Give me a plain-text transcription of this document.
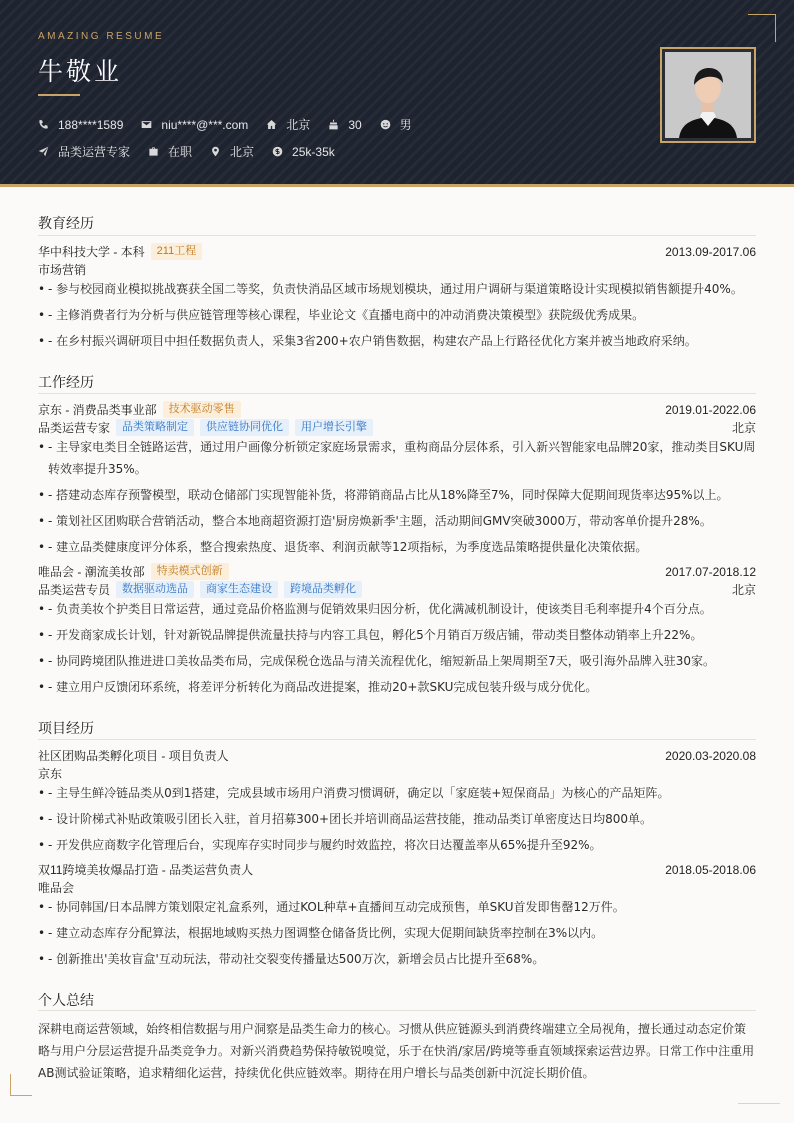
AMAZING RESUME
牛敬业
188****1589	niu****@***.com	北京	30	男
品类运营专家	在职	北京	25k-35k
教育经历
华中科技大学 - 本科	211工程	2013.09-2017.06
市场营销
• - 参与校园商业模拟挑战赛获全国二等奖，负责快消品区域市场规划模块，通过用户调研与渠道策略设计实现模拟销售额提升40%。
• - 主修消费者行为分析与供应链管理等核心课程，毕业论文《直播电商中的冲动消费决策模型》获院级优秀成果。
• - 在乡村振兴调研项目中担任数据负责人，采集3省200+农户销售数据，构建农产品上行路径优化方案并被当地政府采纳。
工作经历
京东 - 消费品类事业部	技术驱动零售	2019.01-2022.06
品类运营专家	品类策略制定	供应链协同优化	用户增长引擎	北京
• - 主导家电类目全链路运营，通过用户画像分析锁定家庭场景需求，重构商品分层体系，引入新兴智能家电品牌20家，推动类目SKU周转效率提升35%。
• - 搭建动态库存预警模型，联动仓储部门实现智能补货，将滞销商品占比从18%降至7%，同时保障大促期间现货率达95%以上。
• - 策划社区团购联合营销活动，整合本地商超资源打造'厨房焕新季'主题，活动期间GMV突破3000万，带动客单价提升28%。
• - 建立品类健康度评分体系，整合搜索热度、退货率、利润贡献等12项指标，为季度选品策略提供量化决策依据。
唯品会 - 潮流美妆部	特卖模式创新	2017.07-2018.12
品类运营专员	数据驱动选品	商家生态建设	跨境品类孵化	北京
• - 负责美妆个护类目日常运营，通过竞品价格监测与促销效果归因分析，优化满减机制设计，使该类目毛利率提升4个百分点。
• - 开发商家成长计划，针对新锐品牌提供流量扶持与内容工具包，孵化5个月销百万级店铺，带动类目整体动销率上升22%。
• - 协同跨境团队推进进口美妆品类布局，完成保税仓选品与清关流程优化，缩短新品上架周期至7天，吸引海外品牌入驻30家。
• - 建立用户反馈闭环系统，将差评分析转化为商品改进提案，推动20+款SKU完成包装升级与成分优化。
项目经历
社区团购品类孵化项目 - 项目负责人	2020.03-2020.08
京东
• - 主导生鲜冷链品类从0到1搭建，完成县域市场用户消费习惯调研，确定以「家庭装+短保商品」为核心的产品矩阵。
• - 设计阶梯式补贴政策吸引团长入驻，首月招募300+团长并培训商品运营技能，推动品类订单密度达日均800单。
• - 开发供应商数字化管理后台，实现库存实时同步与履约时效监控，将次日达覆盖率从65%提升至92%。
双11跨境美妆爆品打造 - 品类运营负责人	2018.05-2018.06
唯品会
• - 协同韩国/日本品牌方策划限定礼盒系列，通过KOL种草+直播间互动完成预售，单SKU首发即售罄12万件。
• - 建立动态库存分配算法，根据地域购买热力图调整仓储备货比例，实现大促期间缺货率控制在3%以内。
• - 创新推出'美妆盲盒'互动玩法，带动社交裂变传播量达500万次，新增会员占比提升至68%。
个人总结
深耕电商运营领域，始终相信数据与用户洞察是品类生命力的核心。习惯从供应链源头到消费终端建立全局视角，擅长通过动态定价策略与用户分层运营提升品类竞争力。对新兴消费趋势保持敏锐嗅觉，乐于在快消/家居/跨境等垂直领域探索运营边界。日常工作中注重用AB测试验证策略，追求精细化运营，持续优化供应链效率。期待在用户增长与品类创新中沉淀长期价值。
